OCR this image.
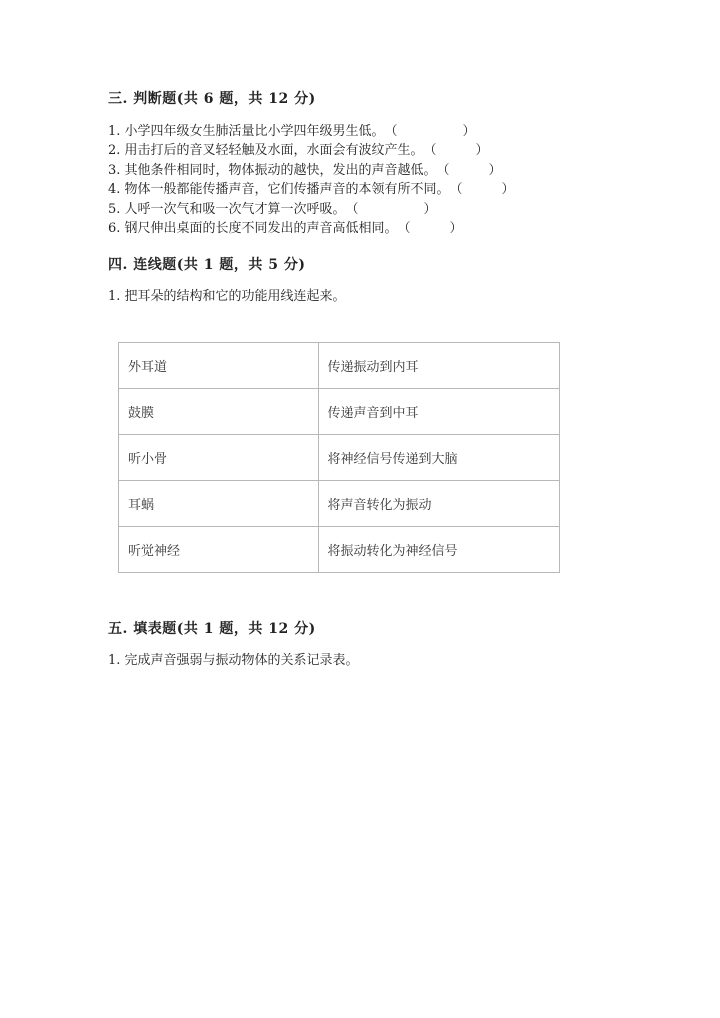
三. 判断题(共 6 题，共 12 分)
1. 小学四年级女生肺活量比小学四年级男生低。 （　　　　　）
2. 用击打后的音叉轻轻触及水面，水面会有波纹产生。 （　　　）
3. 其他条件相同时，物体振动的越快，发出的声音越低。 （　　　）
4. 物体一般都能传播声音，它们传播声音的本领有所不同。 （　　　）
5. 人呼一次气和吸一次气才算一次呼吸。 （　　　　　）
6. 钢尺伸出桌面的长度不同发出的声音高低相同。 （　　　）
四. 连线题(共 1 题，共 5 分)
1. 把耳朵的结构和它的功能用线连起来。
外耳道	传递振动到内耳
鼓膜	传递声音到中耳
听小骨	将神经信号传递到大脑
耳蜗	将声音转化为振动
听觉神经	将振动转化为神经信号
五. 填表题(共 1 题，共 12 分)
1. 完成声音强弱与振动物体的关系记录表。
